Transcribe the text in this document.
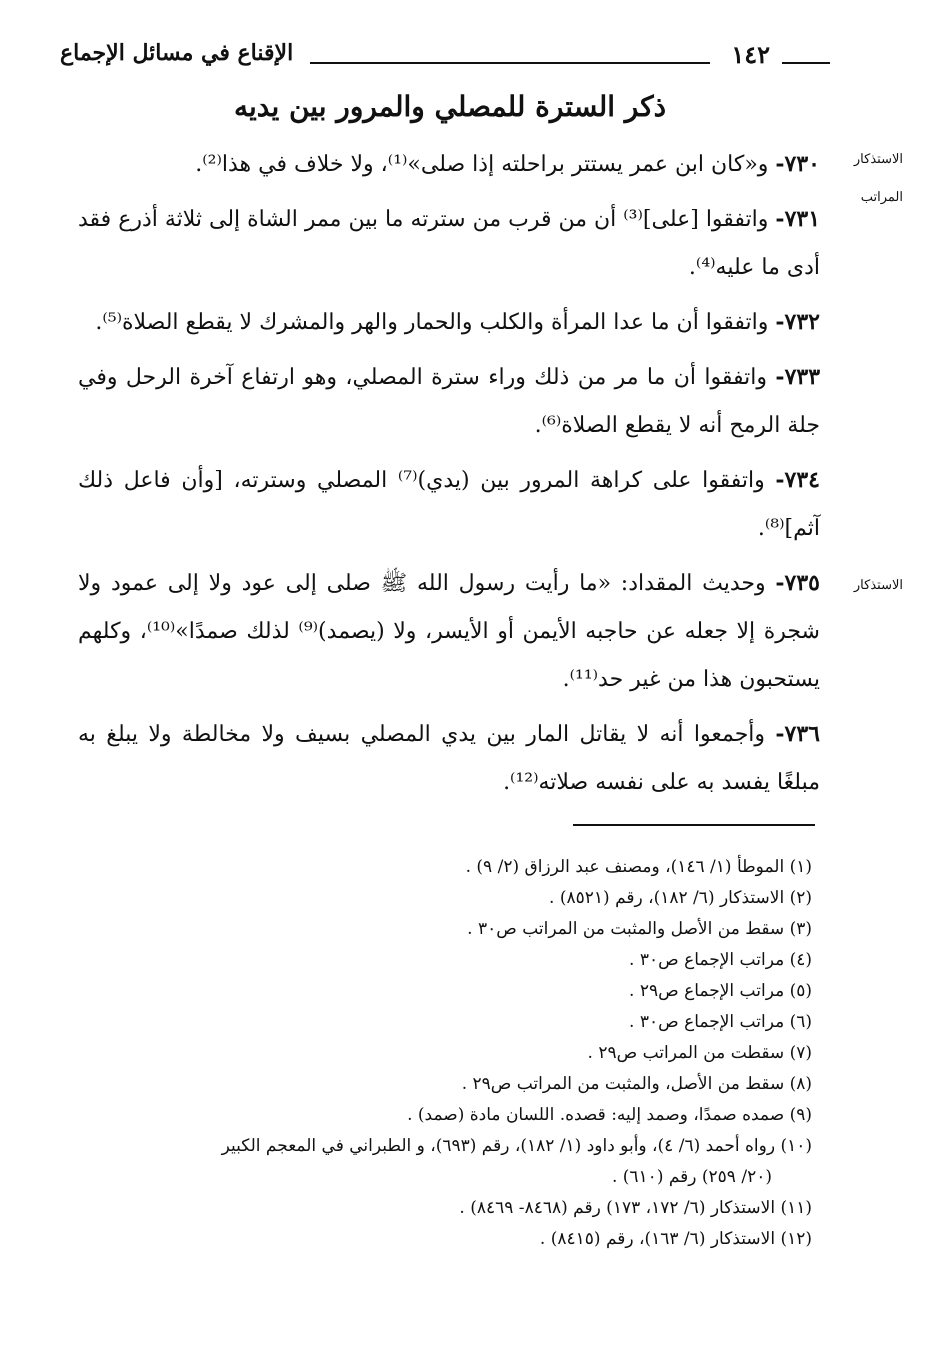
١٤٢
الإقناع في مسائل الإجماع
ذكر السترة للمصلي والمرور بين يديه
الاستذكار
المراتب
الاستذكار

٧٣٠- و«كان ابن عمر يستتر براحلته إذا صلى»⁽¹⁾، ولا خلاف في هذا⁽²⁾.

٧٣١- واتفقوا [على]⁽³⁾ أن من قرب من سترته ما بين ممر الشاة إلى ثلاثة أذرع فقد أدى ما عليه⁽⁴⁾.

٧٣٢- واتفقوا أن ما عدا المرأة والكلب والحمار والهر والمشرك لا يقطع الصلاة⁽⁵⁾.

٧٣٣- واتفقوا أن ما مر من ذلك وراء سترة المصلي، وهو ارتفاع آخرة الرحل وفي جلة الرمح أنه لا يقطع الصلاة⁽⁶⁾.

٧٣٤- واتفقوا على كراهة المرور بين (يدي)⁽⁷⁾ المصلي وسترته، [وأن فاعل ذلك آثم]⁽⁸⁾.

٧٣٥- وحديث المقداد: «ما رأيت رسول الله ﷺ صلى إلى عود ولا إلى عمود ولا شجرة إلا جعله عن حاجبه الأيمن أو الأيسر، ولا (يصمد)⁽⁹⁾ لذلك صمدًا»⁽¹⁰⁾، وكلهم يستحبون هذا من غير حد⁽¹¹⁾.

٧٣٦- وأجمعوا أنه لا يقاتل المار بين يدي المصلي بسيف ولا مخالطة ولا يبلغ به مبلغًا يفسد به على نفسه صلاته⁽¹²⁾.

(١) الموطأ (١/ ١٤٦)، ومصنف عبد الرزاق (٢/ ٩) .

(٢) الاستذكار (٦/ ١٨٢)، رقم (٨٥٢١) .

(٣) سقط من الأصل والمثبت من المراتب ص٣٠ .

(٤) مراتب الإجماع ص٣٠ .

(٥) مراتب الإجماع ص٢٩ .

(٦) مراتب الإجماع ص٣٠ .

(٧) سقطت من المراتب ص٢٩ .

(٨) سقط من الأصل، والمثبت من المراتب ص٢٩ .

(٩) صمده صمدًا، وصمد إليه: قصده. اللسان مادة (صمد) .

(١٠) رواه أحمد (٦/ ٤)، وأبو داود (١/ ١٨٢)، رقم (٦٩٣)، و الطبراني في المعجم الكبير

(٢٠/ ٢٥٩) رقم (٦١٠) .

(١١) الاستذكار (٦/ ١٧٢، ١٧٣) رقم (٨٤٦٨- ٨٤٦٩) .

(١٢) الاستذكار (٦/ ١٦٣)، رقم (٨٤١٥) .
